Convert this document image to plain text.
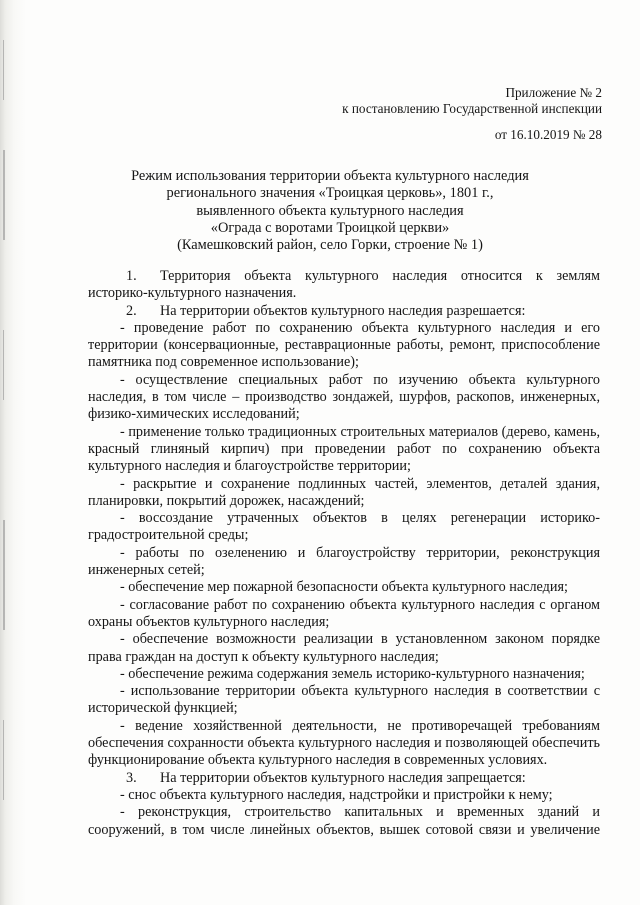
Приложение № 2
к постановлению Государственной инспекции
от 16.10.2019 № 28
Режим использования территории объекта культурного наследия
регионального значения «Троицкая церковь», 1801 г.,
выявленного объекта культурного наследия
«Ограда с воротами Троицкой церкви»
(Камешковский район, село Горки, строение № 1)

1. Территория объекта культурного наследия относится к землям историко-культурного назначения.

2. На территории объектов культурного наследия разрешается:

- проведение работ по сохранению объекта культурного наследия и его территории (консервационные, реставрационные работы, ремонт, приспособление памятника под современное использование);

- осуществление специальных работ по изучению объекта культурного наследия, в том числе – производство зондажей, шурфов, раскопов, инженерных, физико-химических исследований;

- применение только традиционных строительных материалов (дерево, камень, красный глиняный кирпич) при проведении работ по сохранению объекта культурного наследия и благоустройстве территории;

- раскрытие и сохранение подлинных частей, элементов, деталей здания, планировки, покрытий дорожек, насаждений;

- воссоздание утраченных объектов в целях регенерации историко-градостроительной среды;

- работы по озеленению и благоустройству территории, реконструкция инженерных сетей;

- обеспечение мер пожарной безопасности объекта культурного наследия;

- согласование работ по сохранению объекта культурного наследия с органом охраны объектов культурного наследия;

- обеспечение возможности реализации в установленном законом порядке права граждан на доступ к объекту культурного наследия;

- обеспечение режима содержания земель историко-культурного назначения;

- использование территории объекта культурного наследия в соответствии с исторической функцией;

- ведение хозяйственной деятельности, не противоречащей требованиям обеспечения сохранности объекта культурного наследия и позволяющей обеспечить функционирование объекта культурного наследия в современных условиях.

3. На территории объектов культурного наследия запрещается:

- снос объекта культурного наследия, надстройки и пристройки к нему;

- реконструкция, строительство капитальных и временных зданий и сооружений, в том числе линейных объектов, вышек сотовой связи и увеличение
